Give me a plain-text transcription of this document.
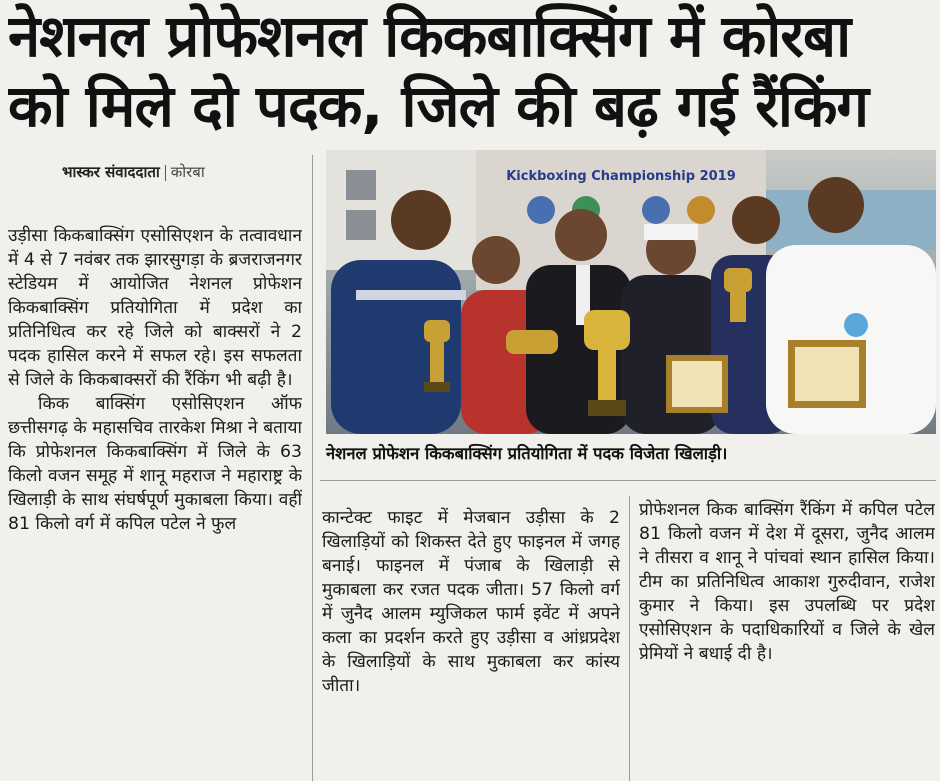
नेशनल प्रोफेशनल किकबाक्सिंग में कोरबा
को मिले दो पदक, जिले की बढ़ गई रैंकिंग
भास्कर संवाददाता कोरबा

उड़ीसा किकबाक्सिंग एसोसिएशन के तत्वावधान में 4 से 7 नवंबर तक झारसुगड़ा के ब्रजराजनगर स्टेडियम में आयोजित नेशनल प्रोफेशन किकबाक्सिंग प्रतियोगिता में प्रदेश का प्रतिनिधित्व कर रहे जिले को बाक्सरों ने 2 पदक हासिल करने में सफल रहे। इस सफलता से जिले के किकबाक्सरों की रैंकिंग भी बढ़ी है।

किक बाक्सिंग एसोसिएशन ऑफ छत्तीसगढ़ के महासचिव तारकेश मिश्रा ने बताया कि प्रोफेशनल किकबाक्सिंग में जिले के 63 किलो वजन समूह में शानू महराज ने महाराष्ट्र के खिलाड़ी के साथ संघर्षपूर्ण मुकाबला किया। वहीं 81 किलो वर्ग में कपिल पटेल ने फुल

Kickboxing Championship 2019
नेशनल प्रोफेशन किकबाक्सिंग प्रतियोगिता में पदक विजेता खिलाड़ी।

कान्टेक्ट फाइट में मेजबान उड़ीसा के 2 खिलाड़ियों को शिकस्त देते हुए फाइनल में जगह बनाई। फाइनल में पंजाब के खिलाड़ी से मुकाबला कर रजत पदक जीता। 57 किलो वर्ग में जुनैद आलम म्युजिकल फार्म इवेंट में अपने कला का प्रदर्शन करते हुए उड़ीसा व आंध्रप्रदेश के खिलाड़ियों के साथ मुकाबला कर कांस्य जीता।

प्रोफेशनल किक बाक्सिंग रैंकिंग में कपिल पटेल 81 किलो वजन में देश में दूसरा, जुनैद आलम ने तीसरा व शानू ने पांचवां स्थान हासिल किया। टीम का प्रतिनिधित्व आकाश गुरुदीवान, राजेश कुमार ने किया। इस उपलब्धि पर प्रदेश एसोसिएशन के पदाधिकारियों व जिले के खेल प्रेमियों ने बधाई दी है।
